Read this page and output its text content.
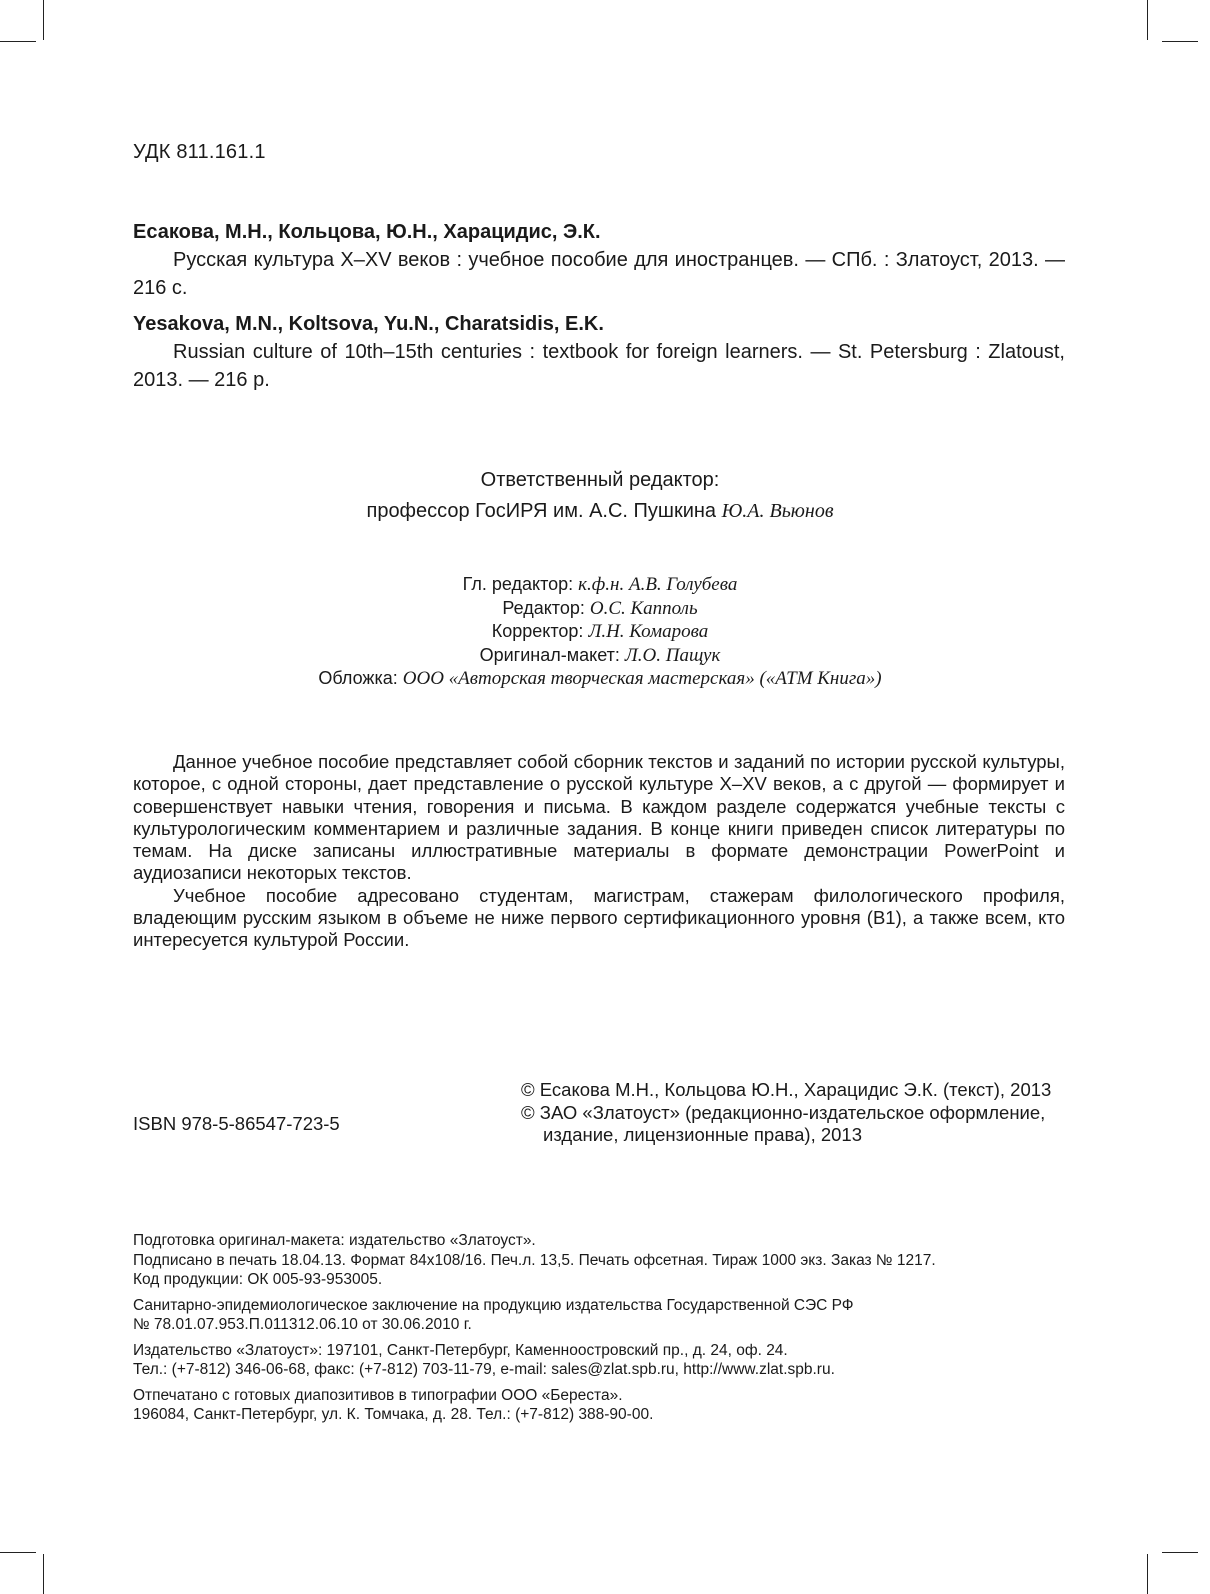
УДК 811.161.1
Есакова, М.Н., Кольцова, Ю.Н., Харацидис, Э.К.
Русская культура X–XV веков : учебное пособие для иностранцев. — СПб. : Златоуст, 2013. — 216 с.
Yesakova, M.N., Koltsova, Yu.N., Charatsidis, E.K.
Russian culture of 10th–15th centuries : textbook for foreign learners. — St. Petersburg : Zlatoust, 2013. — 216 p.
Ответственный редактор:
профессор ГосИРЯ им. А.С. Пушкина Ю.А. Вьюнов
Гл. редактор: к.ф.н. А.В. Голубева
Редактор: О.С. Капполь
Корректор: Л.Н. Комарова
Оригинал-макет: Л.О. Пащук
Обложка: ООО «Авторская творческая мастерская» («АТМ Книга»)

Данное учебное пособие представляет собой сборник текстов и заданий по истории русской культуры, которое, с одной стороны, дает представление о русской культуре X–XV веков, а с другой — формирует и совершенствует навыки чтения, говорения и письма. В каждом разделе содержатся учебные тексты с культурологическим комментарием и различные задания. В конце книги приведен список литературы по темам. На диске записаны иллюстративные материалы в формате демонстрации PowerPoint и аудиозаписи некоторых текстов.

Учебное пособие адресовано студентам, магистрам, стажерам филологического профиля, владеющим русским языком в объеме не ниже первого сертификационного уровня (B1), а также всем, кто интересуется культурой России.

© Есакова М.Н., Кольцова Ю.Н., Харацидис Э.К. (текст), 2013
© ЗАО «Златоуст» (редакционно-издательское оформление,
издание, лицензионные права), 2013
ISBN 978-5-86547-723-5
Подготовка оригинал-макета: издательство «Златоуст».
Подписано в печать 18.04.13. Формат 84х108/16. Печ.л. 13,5. Печать офсетная. Тираж 1000 экз. Заказ № 1217.
Код продукции: ОК 005-93-953005.
Санитарно-эпидемиологическое заключение на продукцию издательства Государственной СЭС РФ
№ 78.01.07.953.П.011312.06.10 от 30.06.2010 г.
Издательство «Златоуст»: 197101, Санкт-Петербург, Каменноостровский пр., д. 24, оф. 24.
Тел.: (+7-812) 346-06-68, факс: (+7-812) 703-11-79, e-mail: sales@zlat.spb.ru, http://www.zlat.spb.ru.
Отпечатано с готовых диапозитивов в типографии ООО «Береста».
196084, Санкт-Петербург, ул. К. Томчака, д. 28. Тел.: (+7-812) 388-90-00.
